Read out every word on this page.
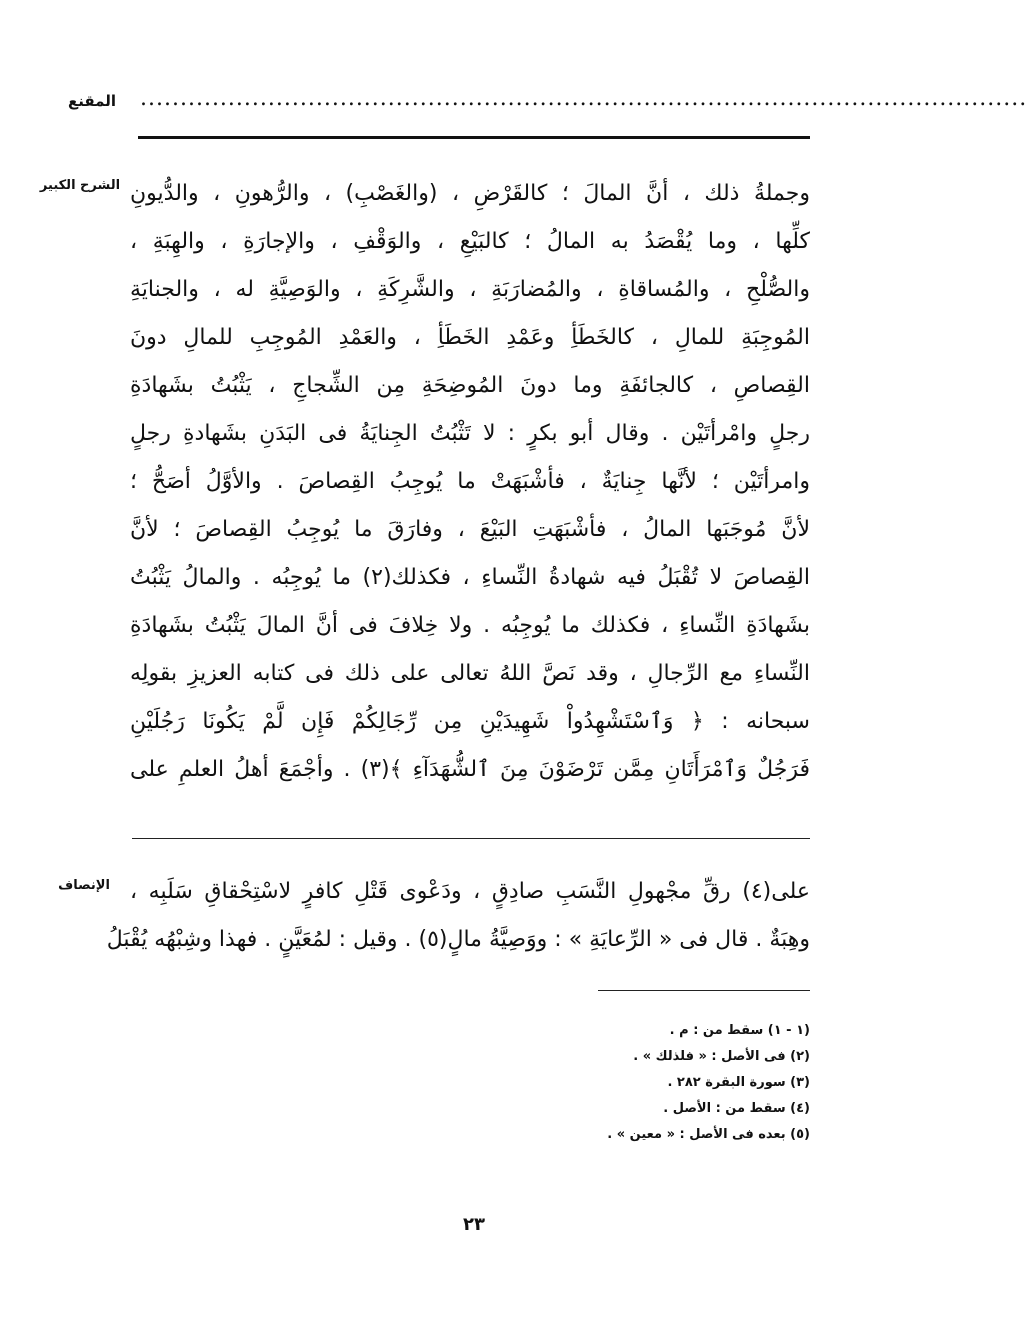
المقنع ...............................................................................................................
الشرح الكبير وجملةُ ذلك ، أنَّ المالَ ؛ كالقَرْضِ ، (والغَصْبِ) ، والرُّهونِ ، والدُّيونِ
كلِّها ، وما يُقْصَدُ به المالُ ؛ كالبَيْعِ ، والوَقْفِ ، والإجارَةِ ، والهِبَةِ ،
والصُّلْحِ ، والمُساقاةِ ، والمُضارَبَةِ ، والشَّرِكَةِ ، والوَصِيَّةِ له ، والجنايَةِ
المُوجِبَةِ للمالِ ، كالخَطَأِ وعَمْدِ الخَطَأِ ، والعَمْدِ المُوجِبِ للمالِ دونَ
القِصاصِ ، كالجائفَةِ وما دونَ المُوضِحَةِ مِن الشِّجاجِ ، يَثْبُتُ بشَهادَةِ
رجلٍ وامْرأتَيْن . وقال أبو بكرٍ : لا تَثْبُتُ الجِنايَةُ فى البَدَنِ بشَهادةِ رجلٍ
وامرأتَيْن ؛ لأنَّها جِنايَةٌ ، فأشْبَهَتْ ما يُوجِبُ القِصاصَ . والأوَّلُ أصَحُّ ؛
لأنَّ مُوجَبَها المالُ ، فأشْبَهَتِ البَيْعَ ، وفارَقَ ما يُوجِبُ القِصاصَ ؛ لأنَّ
القِصاصَ لا تُقْبَلُ فيه شهادةُ النِّساءِ ، فكذلك(٢) ما يُوجِبُه . والمالُ يَثْبُتُ
بشَهادَةِ النِّساءِ ، فكذلك ما يُوجِبُه . ولا خِلافَ فى أنَّ المالَ يَثْبُتُ بشَهادَةِ
النِّساءِ مع الرِّجالِ ، وقد نَصَّ اللهُ تعالى على ذلك فى كتابه العزيزِ بقولِه
سبحانه : ﴿ وَٱسْتَشْهِدُواْ شَهِيدَيْنِ مِن رِّجَالِكُمْ فَإِن لَّمْ يَكُونَا رَجُلَيْنِ
فَرَجُلٌ وَٱمْرَأَتَانِ مِمَّن تَرْضَوْنَ مِنَ ٱلشُّهَدَآءِ ﴾(٣) . وأجْمَعَ أهلُ العلمِ على
الإنصاف على(٤) رقِّ مجْهولِ النَّسَبِ صادِقٍ ، ودَعْوى قَتْلِ كافرٍ لاسْتِحْقاقِ سَلَبِه ،
وهِبَةٌ . قال فى « الرِّعايَةِ » : ووَصِيَّةُ مالٍ(٥) . وقيل : لمُعَيَّنٍ . فهذا وشِبْهُه يُقْبَلُ
(١ - ١) سقط من : م .
(٢) فى الأصل : « فلذلك » .
(٣) سورة البقرة ٢٨٢ .
(٤) سقط من : الأصل .
(٥) بعده فى الأصل : « معين » .
٢٣
